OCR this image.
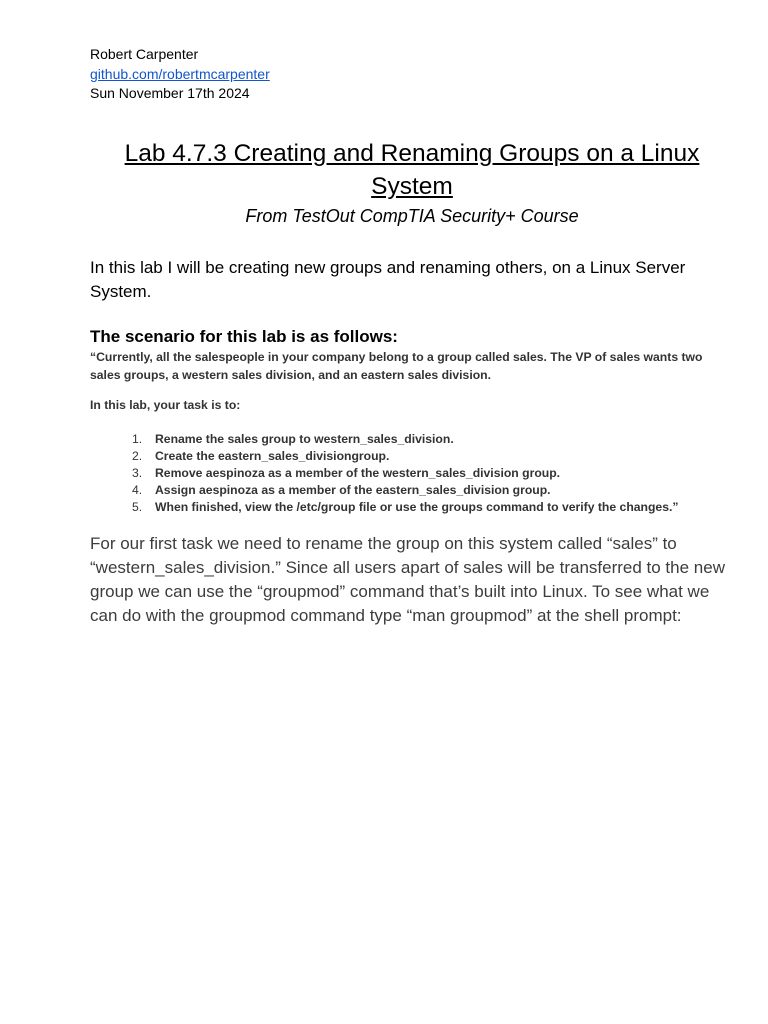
Robert Carpenter
github.com/robertmcarpenter
Sun November 17th 2024
Lab 4.7.3 Creating and Renaming Groups on a Linux System
From TestOut CompTIA Security+ Course
In this lab I will be creating new groups and renaming others, on a Linux Server System.
The scenario for this lab is as follows:
“Currently, all the salespeople in your company belong to a group called sales. The VP of sales wants two sales groups, a western sales division, and an eastern sales division.
In this lab, your task is to:
1. Rename the sales group to western_sales_division.
2. Create the eastern_sales_divisiongroup.
3. Remove aespinoza as a member of the western_sales_division group.
4. Assign aespinoza as a member of the eastern_sales_division group.
5. When finished, view the /etc/group file or use the groups command to verify the changes.”
For our first task we need to rename the group on this system called “sales” to “western_sales_division.” Since all users apart of sales will be transferred to the new group we can use the “groupmod” command that’s built into Linux. To see what we can do with the groupmod command type “man groupmod” at the shell prompt:
